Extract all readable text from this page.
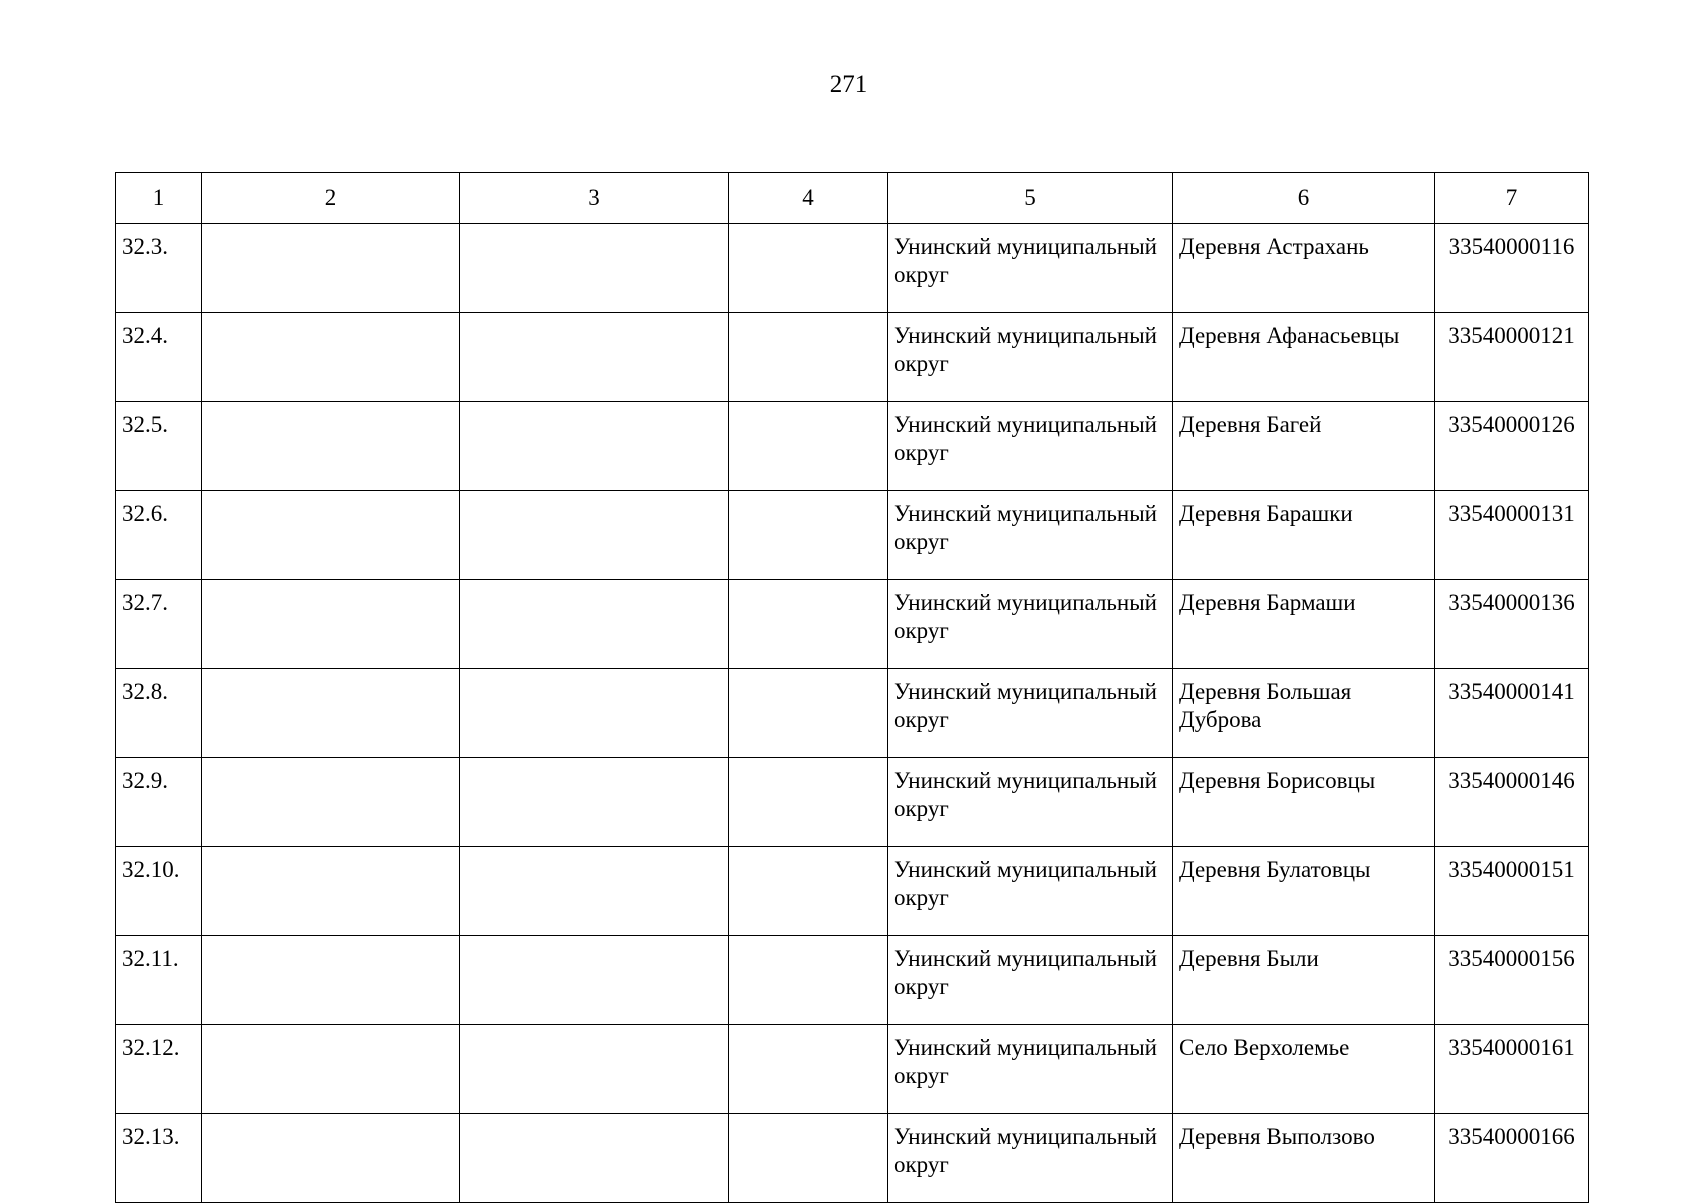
271
1	2	3	4	5	6	7
32.3.				Унинский муниципальный округ	Деревня Астрахань	33540000116
32.4.				Унинский муниципальный округ	Деревня Афанасьевцы	33540000121
32.5.				Унинский муниципальный округ	Деревня Багей	33540000126
32.6.				Унинский муниципальный округ	Деревня Барашки	33540000131
32.7.				Унинский муниципальный округ	Деревня Бармаши	33540000136
32.8.				Унинский муниципальный округ	Деревня Большая Дуброва	33540000141
32.9.				Унинский муниципальный округ	Деревня Борисовцы	33540000146
32.10.				Унинский муниципальный округ	Деревня Булатовцы	33540000151
32.11.				Унинский муниципальный округ	Деревня Были	33540000156
32.12.				Унинский муниципальный округ	Село Верхолемье	33540000161
32.13.				Унинский муниципальный округ	Деревня Выползово	33540000166
